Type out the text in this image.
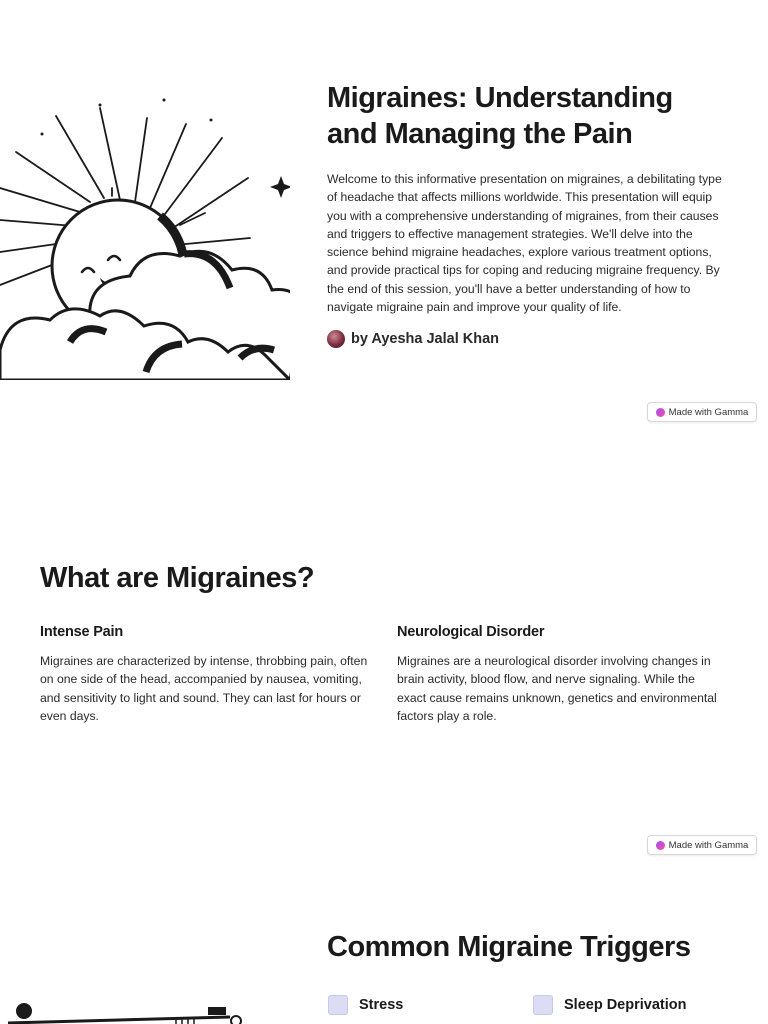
Migraines: Understanding and Managing the Pain

Welcome to this informative presentation on migraines, a debilitating type of headache that affects millions worldwide. This presentation will equip you with a comprehensive understanding of migraines, from their causes and triggers to effective management strategies. We'll delve into the science behind migraine headaches, explore various treatment options, and provide practical tips for coping and reducing migraine frequency. By the end of this session, you'll have a better understanding of how to navigate migraine pain and improve your quality of life.

by Ayesha Jalal Khan
Made with Gamma
What are Migraines?
Intense Pain

Migraines are characterized by intense, throbbing pain, often on one side of the head, accompanied by nausea, vomiting, and sensitivity to light and sound. They can last for hours or even days.

Neurological Disorder

Migraines are a neurological disorder involving changes in brain activity, blood flow, and nerve signaling. While the exact cause remains unknown, genetics and environmental factors play a role.

Made with Gamma
Common Migraine Triggers
Stress	Sleep Deprivation
